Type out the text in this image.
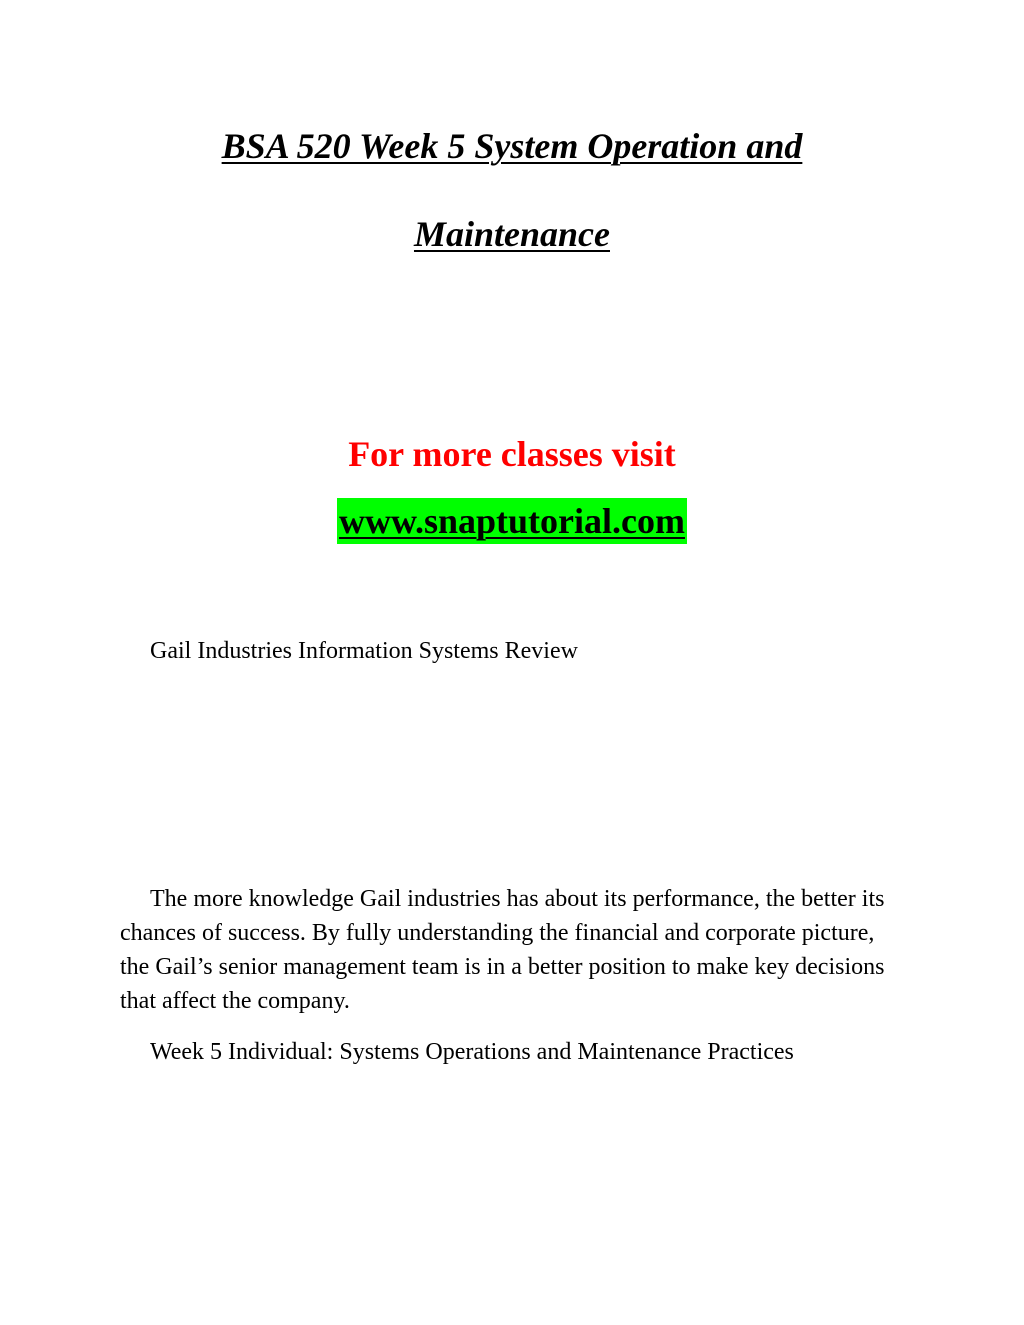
BSA 520 Week 5 System Operation and
Maintenance
For more classes visit
www.snaptutorial.com
Gail Industries Information Systems Review

The more knowledge Gail industries has about its performance, the better its chances of success. By fully understanding the financial and corporate picture, the Gail’s senior management team is in a better position to make key decisions that affect the company.

Week 5 Individual: Systems Operations and Maintenance Practices
